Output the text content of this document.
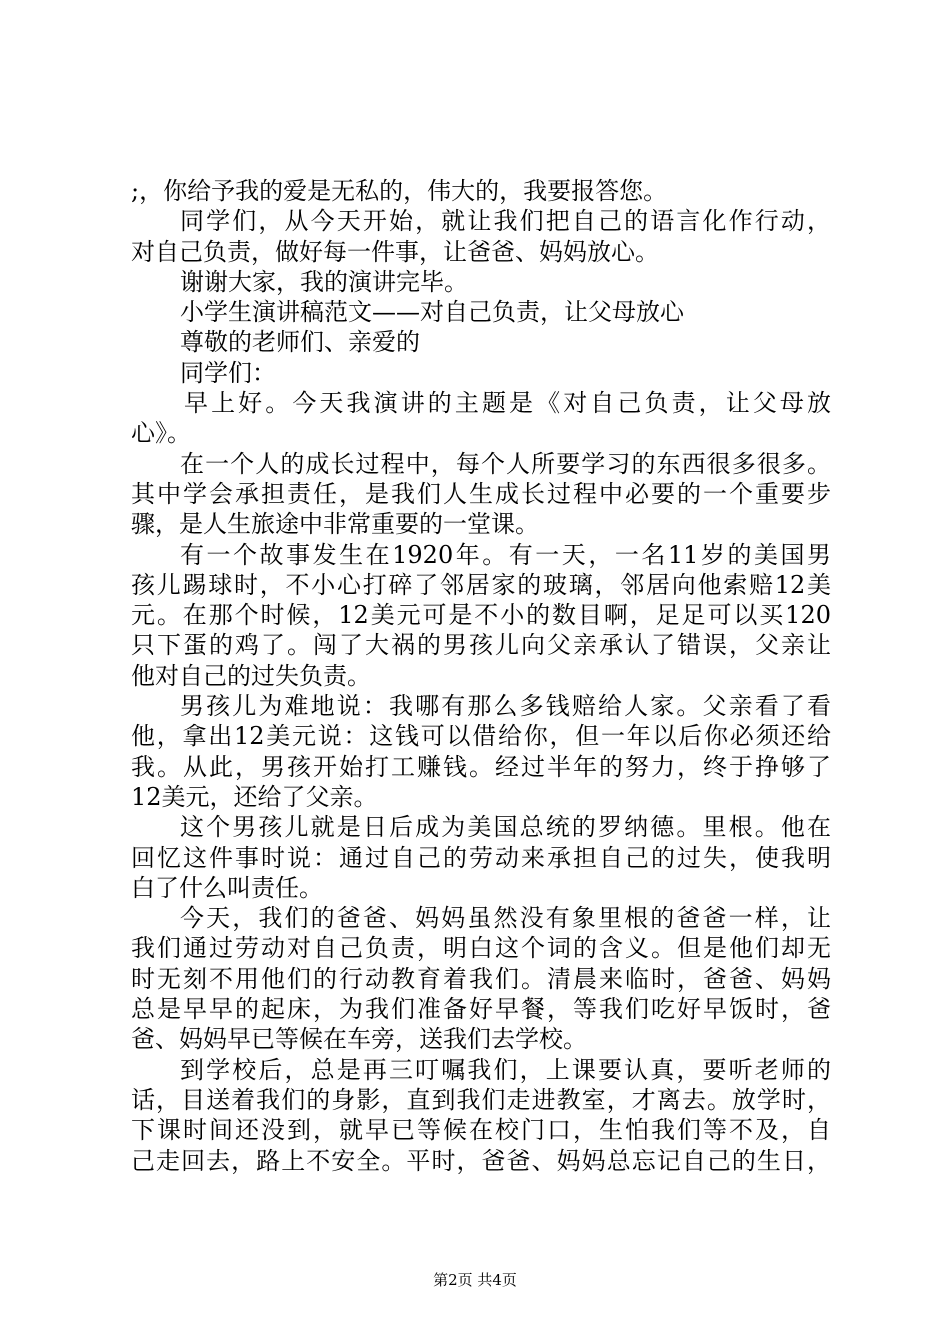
;，你给予我的爱是无私的，伟大的，我要报答您。
同学们，从今天开始，就让我们把自己的语言化作行动，
对自己负责，做好每一件事，让爸爸、妈妈放心。
谢谢大家，我的演讲完毕。
小学生演讲稿范文——对自己负责，让父母放心
尊敬的老师们、亲爱的
同学们：
早上好。今天我演讲的主题是《对自己负责，让父母放
心》。
在一个人的成长过程中，每个人所要学习的东西很多很多。
其中学会承担责任，是我们人生成长过程中必要的一个重要步
骤，是人生旅途中非常重要的一堂课。
有一个故事发生在1920年。有一天，一名11岁的美国男
孩儿踢球时，不小心打碎了邻居家的玻璃，邻居向他索赔12美
元。在那个时候，12美元可是不小的数目啊，足足可以买120
只下蛋的鸡了。闯了大祸的男孩儿向父亲承认了错误，父亲让
他对自己的过失负责。
男孩儿为难地说：我哪有那么多钱赔给人家。父亲看了看
他，拿出12美元说：这钱可以借给你，但一年以后你必须还给
我。从此，男孩开始打工赚钱。经过半年的努力，终于挣够了
12美元，还给了父亲。
这个男孩儿就是日后成为美国总统的罗纳德。里根。他在
回忆这件事时说：通过自己的劳动来承担自己的过失，使我明
白了什么叫责任。
今天，我们的爸爸、妈妈虽然没有象里根的爸爸一样，让
我们通过劳动对自己负责，明白这个词的含义。但是他们却无
时无刻不用他们的行动教育着我们。清晨来临时，爸爸、妈妈
总是早早的起床，为我们准备好早餐，等我们吃好早饭时，爸
爸、妈妈早已等候在车旁，送我们去学校。
到学校后，总是再三叮嘱我们，上课要认真，要听老师的
话，目送着我们的身影，直到我们走进教室，才离去。放学时，
下课时间还没到，就早已等候在校门口，生怕我们等不及，自
己走回去，路上不安全。平时，爸爸、妈妈总忘记自己的生日，
第2页 共4页
